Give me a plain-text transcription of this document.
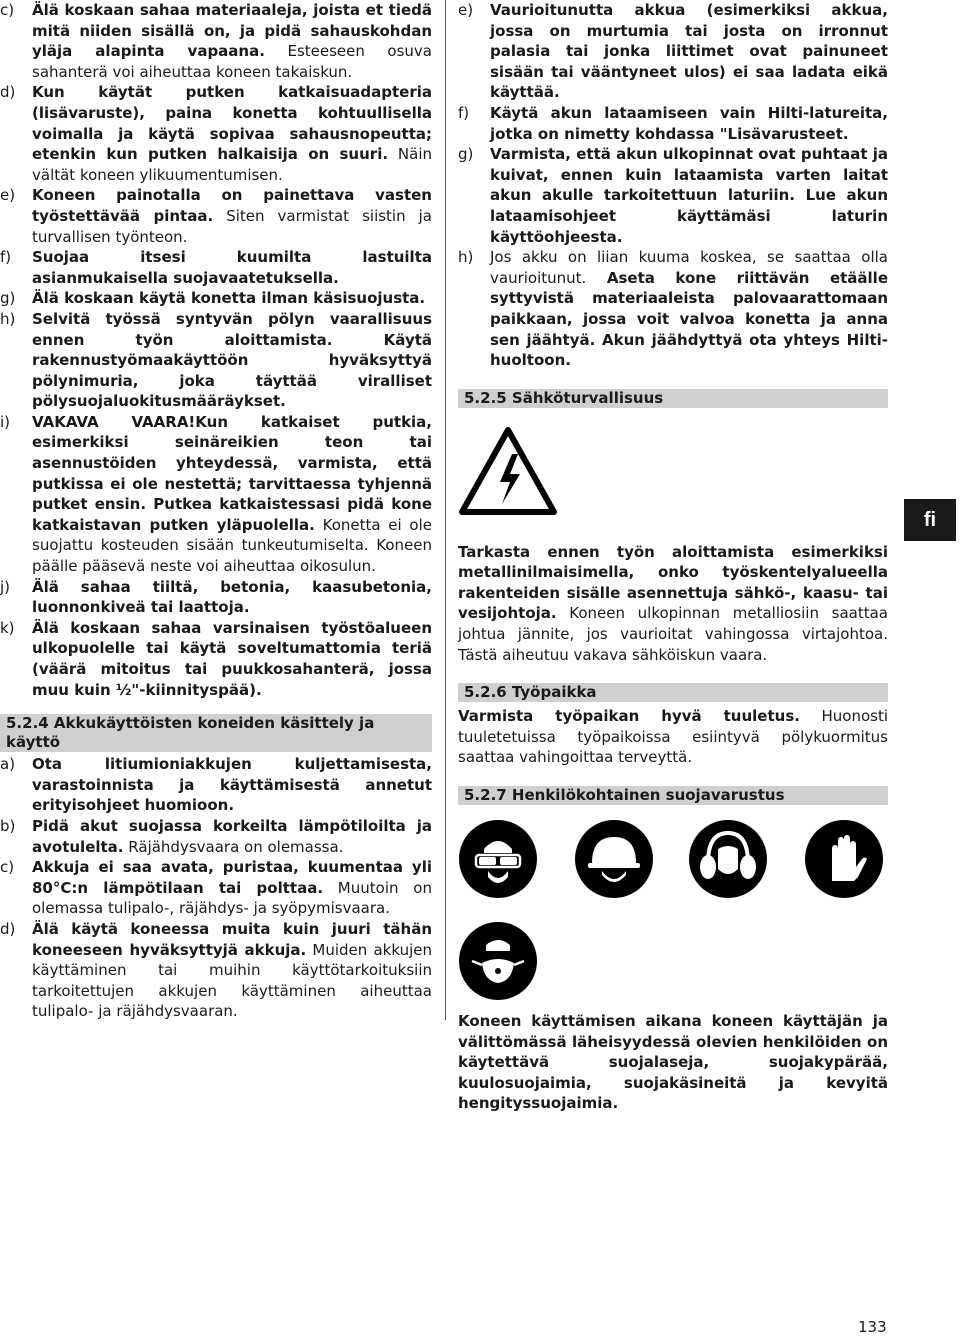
c)	Älä koskaan sahaa materiaaleja, joista et tiedä mitä niiden sisällä on, ja pidä sahauskohdan yläja alapinta vapaana. Esteeseen osuva sahanterä voi aiheuttaa koneen takaiskun.
d)	Kun käytät putken katkaisuadapteria (lisävaruste), paina konetta kohtuullisella voimalla ja käytä sopivaa sahausnopeutta; etenkin kun putken halkaisija on suuri. Näin vältät koneen ylikuumentumisen.
e)	Koneen painotalla on painettava vasten työstettävää pintaa. Siten varmistat siistin ja turvallisen työnteon.
f)	Suojaa itsesi kuumilta lastuilta asianmukaisella suojavaatetuksella.
g)	Älä koskaan käytä konetta ilman käsisuojusta.
h)	Selvitä työssä syntyvän pölyn vaarallisuus ennen työn aloittamista. Käytä rakennustyömaakäyttöön hyväksyttyä pölynimuria, joka täyttää viralliset pölysuojaluokitusmääräykset.
i)	VAKAVA VAARA!Kun katkaiset putkia, esimerkiksi seinäreikien teon tai asennustöiden yhteydessä, varmista, että putkissa ei ole nestettä; tarvittaessa tyhjennä putket ensin. Putkea katkaistessasi pidä kone katkaistavan putken yläpuolella. Konetta ei ole suojattu kosteuden sisään tunkeutumiselta. Koneen päälle pääsevä neste voi aiheuttaa oikosulun.
j)	Älä sahaa tiiltä, betonia, kaasubetonia, luonnonkiveä tai laattoja.
k)	Älä koskaan sahaa varsinaisen työstöalueen ulkopuolelle tai käytä soveltumattomia teriä (väärä mitoitus tai puukkosahanterä, jossa muu kuin ½"-kiinnityspää).
5.2.4 Akkukäyttöisten koneiden käsittely ja käyttö
a)	Ota litiumioniakkujen kuljettamisesta, varastoinnista ja käyttämisestä annetut erityisohjeet huomioon.
b)	Pidä akut suojassa korkeilta lämpötiloilta ja avotulelta. Räjähdysvaara on olemassa.
c)	Akkuja ei saa avata, puristaa, kuumentaa yli 80°C:n lämpötilaan tai polttaa. Muutoin on olemassa tulipalo-, räjähdys- ja syöpymisvaara.
d)	Älä käytä koneessa muita kuin juuri tähän koneeseen hyväksyttyjä akkuja. Muiden akkujen käyttäminen tai muihin käyttötarkoituksiin tarkoitettujen akkujen käyttäminen aiheuttaa tulipalo- ja räjähdysvaaran.
e)	Vaurioitunutta akkua (esimerkiksi akkua, jossa on murtumia tai josta on irronnut palasia tai jonka liittimet ovat painuneet sisään tai vääntyneet ulos) ei saa ladata eikä käyttää.
f)	Käytä akun lataamiseen vain Hilti-latureita, jotka on nimetty kohdassa "Lisävarusteet.
g)	Varmista, että akun ulkopinnat ovat puhtaat ja kuivat, ennen kuin lataamista varten laitat akun akulle tarkoitettuun laturiin. Lue akun lataamisohjeet käyttämäsi laturin käyttöohjeesta.
h)	Jos akku on liian kuuma koskea, se saattaa olla vaurioitunut. Aseta kone riittävän etäälle syttyvistä materiaaleista palovaarattomaan paikkaan, jossa voit valvoa konetta ja anna sen jäähtyä. Akun jäähdyttyä ota yhteys Hilti-huoltoon.
5.2.5 Sähköturvallisuus

Tarkasta ennen työn aloittamista esimerkiksi metallinilmaisimella, onko työskentelyalueella rakenteiden sisälle asennettuja sähkö-, kaasu- tai vesijohtoja. Koneen ulkopinnan metalliosiin saattaa johtua jännite, jos vaurioitat vahingossa virtajohtoa. Tästä aiheutuu vakava sähköiskun vaara.

5.2.6 Työpaikka

Varmista työpaikan hyvä tuuletus. Huonosti tuuletetuissa työpaikoissa esiintyvä pölykuormitus saattaa vahingoittaa terveyttä.

5.2.7 Henkilökohtainen suojavarustus

Koneen käyttämisen aikana koneen käyttäjän ja välittömässä läheisyydessä olevien henkilöiden on käytettävä suojalaseja, suojakypärää, kuulosuojaimia, suojakäsineitä ja kevyitä hengityssuojaimia.

fi
133
